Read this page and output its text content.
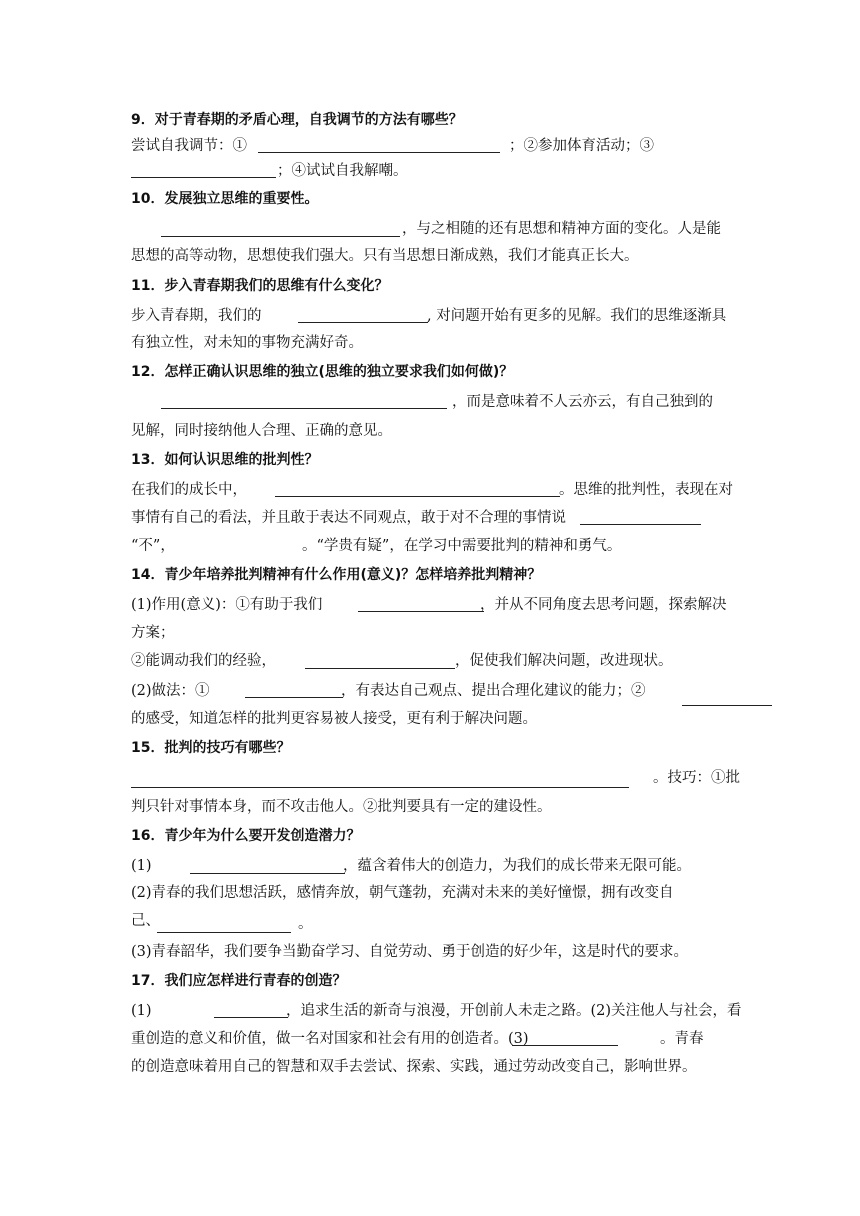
9．对于青春期的矛盾心理，自我调节的方法有哪些？
尝试自我调节：①	；②参加体育活动；③
；④试试自我解嘲。
10．发展独立思维的重要性。
，与之相随的还有思想和精神方面的变化。人是能
思想的高等动物，思想使我们强大。只有当思想日渐成熟，我们才能真正长大。
11．步入青春期我们的思维有什么变化？
步入青春期，我们的	, 对问题开始有更多的见解。我们的思维逐渐具
有独立性，对未知的事物充满好奇。
12．怎样正确认识思维的独立(思维的独立要求我们如何做)？
，而是意味着不人云亦云，有自己独到的
见解，同时接纳他人合理、正确的意见。
13．如何认识思维的批判性？
在我们的成长中，	。思维的批判性，表现在对
事情有自己的看法，并且敢于表达不同观点，敢于对不合理的事情说
“不”，	。“学贵有疑”，在学习中需要批判的精神和勇气。
14．青少年培养批判精神有什么作用(意义)？怎样培养批判精神？
(1)作用(意义)：①有助于我们	，并从不同角度去思考问题，探索解决
方案；
②能调动我们的经验，	，促使我们解决问题，改进现状。
(2)做法：①	，有表达自己观点、提出合理化建议的能力；②
的感受，知道怎样的批判更容易被人接受，更有利于解决问题。
15．批判的技巧有哪些？
。技巧：①批
判只针对事情本身，而不攻击他人。②批判要具有一定的建设性。
16．青少年为什么要开发创造潜力？
(1)	，蕴含着伟大的创造力，为我们的成长带来无限可能。
(2)青春的我们思想活跃，感情奔放，朝气蓬勃，充满对未来的美好憧憬，拥有改变自
己、	。
(3)青春韶华，我们要争当勤奋学习、自觉劳动、勇于创造的好少年，这是时代的要求。
17．我们应怎样进行青春的创造？
(1)	，追求生活的新奇与浪漫，开创前人未走之路。(2)关注他人与社会，看
重创造的意义和价值，做一名对国家和社会有用的创造者。(3)	。青春
的创造意味着用自己的智慧和双手去尝试、探索、实践，通过劳动改变自己，影响世界。
